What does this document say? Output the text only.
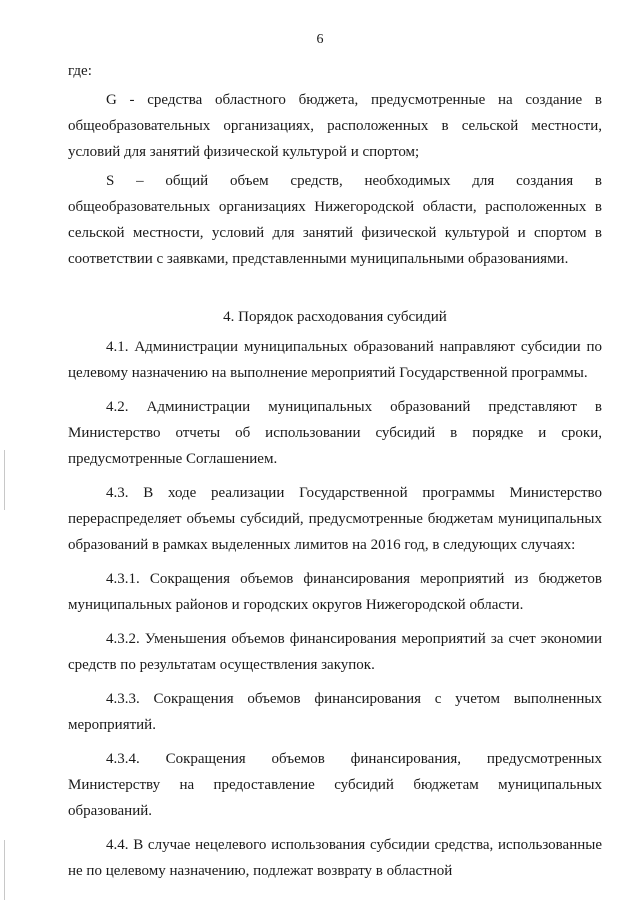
6

где:

G - средства областного бюджета, предусмотренные на создание в общеобразовательных организациях, расположенных в сельской местности, условий для занятий физической культурой и спортом;

S – общий объем средств, необходимых для создания в общеобразовательных организациях Нижегородской области, расположенных в сельской местности, условий для занятий физической культурой и спортом в соответствии с заявками, представленными муниципальными образованиями.

4. Порядок расходования субсидий

4.1. Администрации муниципальных образований направляют субсидии по целевому назначению на выполнение мероприятий Государственной программы.

4.2. Администрации муниципальных образований представляют в Министерство отчеты об использовании субсидий в порядке и сроки, предусмотренные Соглашением.

4.3. В ходе реализации Государственной программы Министерство перераспределяет объемы субсидий, предусмотренные бюджетам муниципальных образований в рамках выделенных лимитов на 2016 год, в следующих случаях:

4.3.1. Сокращения объемов финансирования мероприятий из бюджетов муниципальных районов и городских округов Нижегородской области.

4.3.2. Уменьшения объемов финансирования мероприятий за счет экономии средств по результатам осуществления закупок.

4.3.3. Сокращения объемов финансирования с учетом выполненных мероприятий.

4.3.4. Сокращения объемов финансирования, предусмотренных Министерству на предоставление субсидий бюджетам муниципальных образований.

4.4. В случае нецелевого использования субсидии средства, использованные не по целевому назначению, подлежат возврату в областной
